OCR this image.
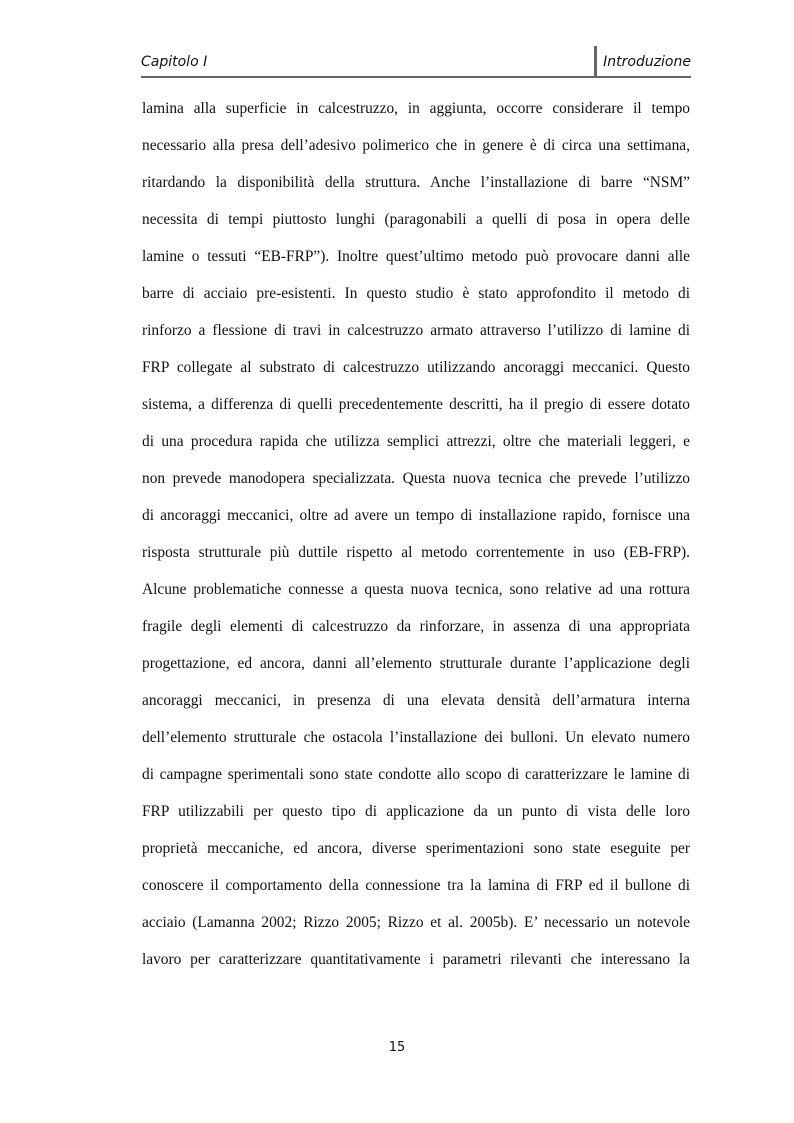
Capitolo I	Introduzione
lamina alla superficie in calcestruzzo, in aggiunta, occorre considerare il tempo
necessario alla presa dell’adesivo polimerico che in genere è di circa una settimana,
ritardando la disponibilità della struttura. Anche l’installazione di barre “NSM”
necessita di tempi piuttosto lunghi (paragonabili a quelli di posa in opera delle
lamine o tessuti “EB-FRP”). Inoltre quest’ultimo metodo può provocare danni alle
barre di acciaio pre-esistenti. In questo studio è stato approfondito il metodo di
rinforzo a flessione di travi in calcestruzzo armato attraverso l’utilizzo di lamine di
FRP collegate al substrato di calcestruzzo utilizzando ancoraggi meccanici. Questo
sistema, a differenza di quelli precedentemente descritti, ha il pregio di essere dotato
di una procedura rapida che utilizza semplici attrezzi, oltre che materiali leggeri, e
non prevede manodopera specializzata. Questa nuova tecnica che prevede l’utilizzo
di ancoraggi meccanici, oltre ad avere un tempo di installazione rapido, fornisce una
risposta strutturale più duttile rispetto al metodo correntemente in uso (EB-FRP).
Alcune problematiche connesse a questa nuova tecnica, sono relative ad una rottura
fragile degli elementi di calcestruzzo da rinforzare, in assenza di una appropriata
progettazione, ed ancora, danni all’elemento strutturale durante l’applicazione degli
ancoraggi meccanici, in presenza di una elevata densità dell’armatura interna
dell’elemento strutturale che ostacola l’installazione dei bulloni. Un elevato numero
di campagne sperimentali sono state condotte allo scopo di caratterizzare le lamine di
FRP utilizzabili per questo tipo di applicazione da un punto di vista delle loro
proprietà meccaniche, ed ancora, diverse sperimentazioni sono state eseguite per
conoscere il comportamento della connessione tra la lamina di FRP ed il bullone di
acciaio (Lamanna 2002; Rizzo 2005; Rizzo et al. 2005b). E’ necessario un notevole
lavoro per caratterizzare quantitativamente i parametri rilevanti che interessano la
15
